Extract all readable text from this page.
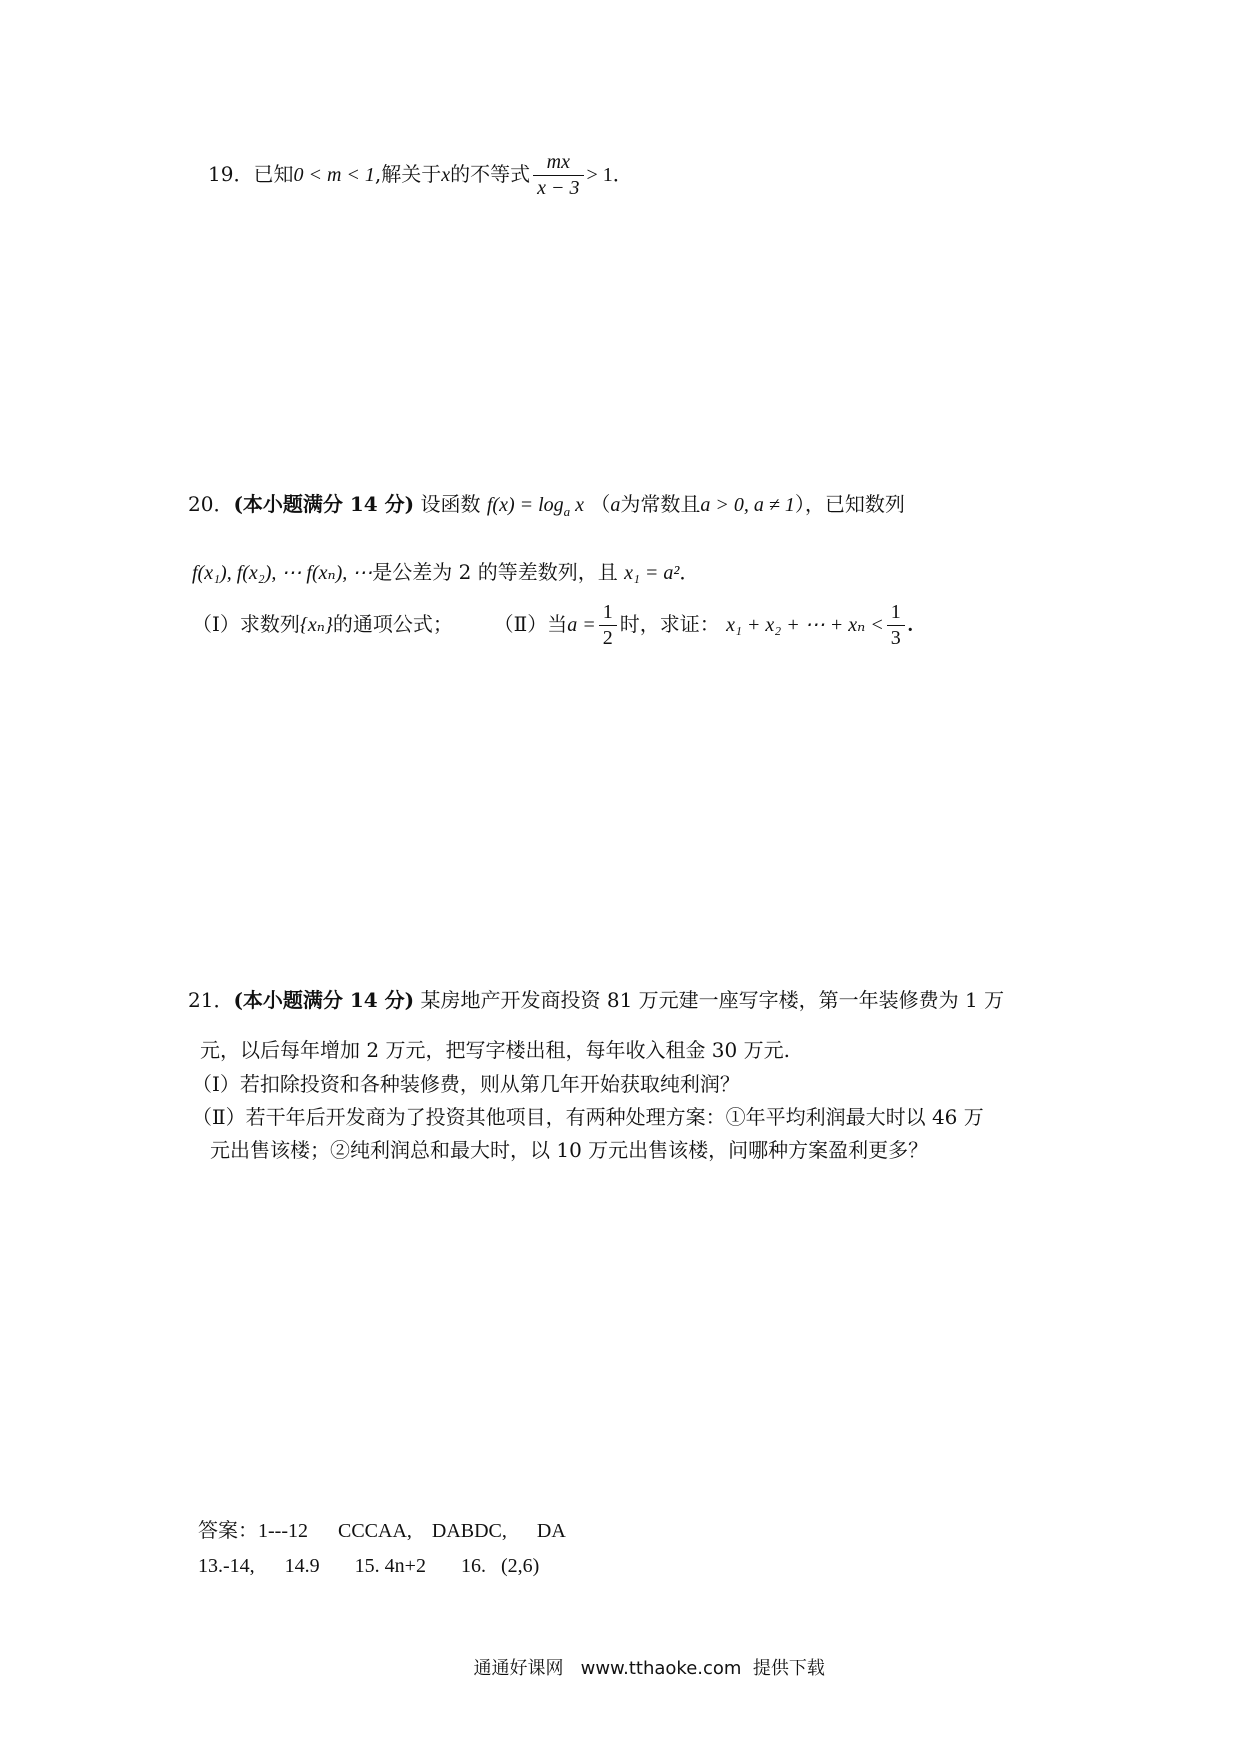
19．已知0 < m < 1,解关于x的不等式 $\frac{mx}{x - 3} > 1$．
20．(本小题满分 14 分) 设函数 $f(x) = \log_a x$ （a为常数且a > 0, a ≠ 1），已知数列
f(x₁), f(x₂), ⋯ f(xₙ), ⋯是公差为 2 的等差数列，且 x₁ = a²．
（Ⅰ）求数列{xₙ}的通项公式； （Ⅱ）当$a = \frac{1}{2}$ 时，求证： x₁ + x₂ + ⋯ + $x_n < \frac{1}{3}$ .
21．(本小题满分 14 分) 某房地产开发商投资 81 万元建一座写字楼，第一年装修费为 1 万
元，以后每年增加 2 万元，把写字楼出租，每年收入租金 30 万元.
（Ⅰ）若扣除投资和各种装修费，则从第几年开始获取纯利润？
（Ⅱ）若干年后开发商为了投资其他项目，有两种处理方案：①年平均利润最大时以 46 万
元出售该楼；②纯利润总和最大时，以 10 万元出售该楼，问哪种方案盈利更多？

答案：1---12      CCCAA,    DABDC,      DA

13.-14,      14.9       15. 4n+2       16.   (2,6)

通通好课网   www.tthaoke.com  提供下载
